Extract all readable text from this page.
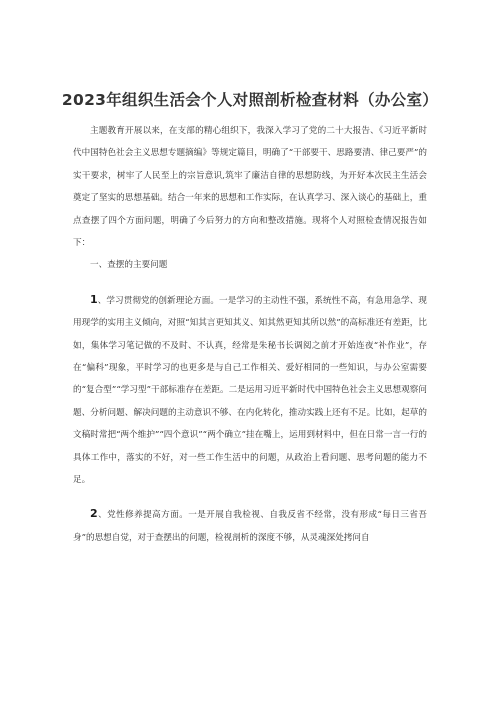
2023年组织生活会个人对照剖析检查材料（办公室）

主题教育开展以来，在支部的精心组织下，我深入学习了党的二十大报告、《习近平新时代中国特色社会主义思想专题摘编》等规定篇目，明确了“干部要干、思路要清、律己要严”的实干要求，树牢了人民至上的宗旨意识,筑牢了廉洁自律的思想防线，为开好本次民主生活会奠定了坚实的思想基础。结合一年来的思想和工作实际，在认真学习、深入谈心的基础上，重点查摆了四个方面问题，明确了今后努力的方向和整改措施。现将个人对照检查情况报告如下：

一、查摆的主要问题

1、学习贯彻党的创新理论方面。一是学习的主动性不强，系统性不高，有急用急学、现用现学的实用主义倾向，对照“知其言更知其义、知其然更知其所以然”的高标准还有差距，比如，集体学习笔记做的不及时、不认真，经常是朱秘书长调阅之前才开始连夜“补作业”，存在“偏科”现象，平时学习的也更多是与自己工作相关、爱好相同的一些知识，与办公室需要的“复合型”“学习型”干部标准存在差距。二是运用习近平新时代中国特色社会主义思想观察问题、分析问题、解决问题的主动意识不够、在内化转化，推动实践上还有不足。比如，起草的文稿时常把“两个维护”“四个意识”“两个确立”挂在嘴上，运用到材料中，但在日常一言一行的具体工作中，落实的不好，对一些工作生活中的问题，从政治上看问题、思考问题的能力不足。

2、党性修养提高方面。一是开展自我检视、自我反省不经常，没有形成“每日三省吾身”的思想自觉，对于查摆出的问题，检视剖析的深度不够，从灵魂深处拷问自
